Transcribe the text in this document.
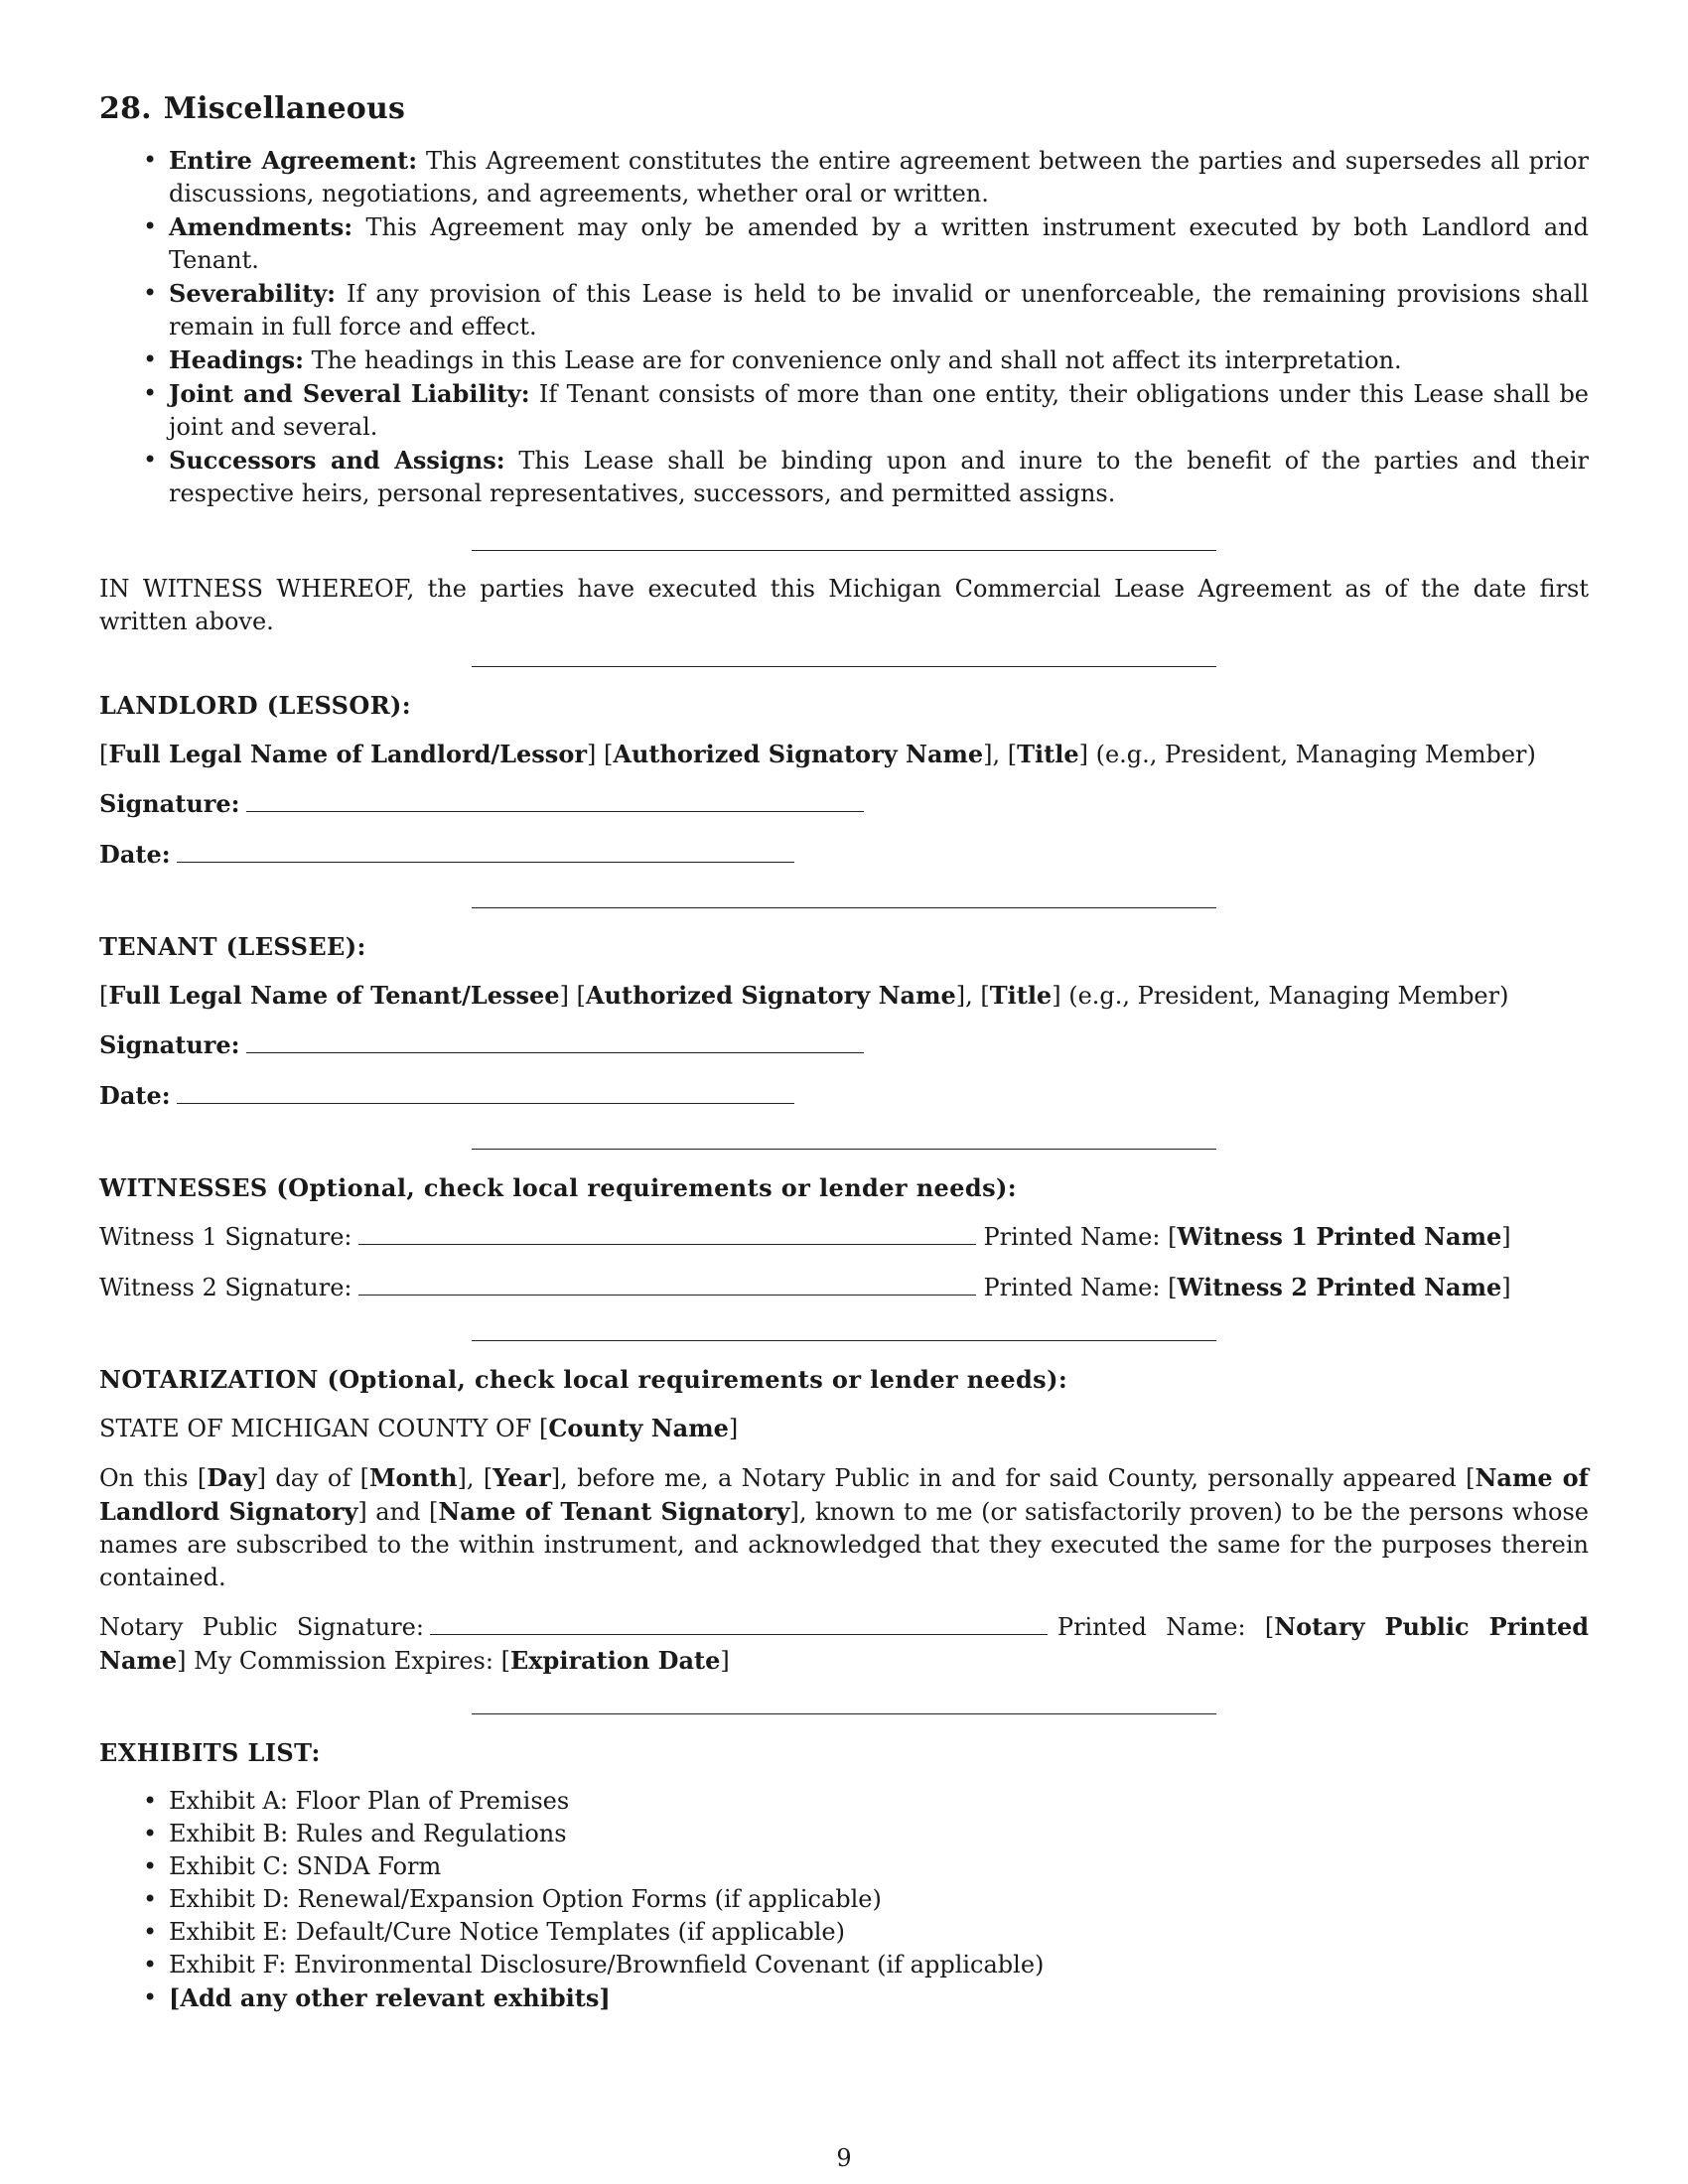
28. Miscellaneous
• Entire Agreement: This Agreement constitutes the entire agreement between the parties and supersedes all prior discussions, negotiations, and agreements, whether oral or written.
• Amendments: This Agreement may only be amended by a written instrument executed by both Landlord and Tenant.
• Severability: If any provision of this Lease is held to be invalid or unenforceable, the remaining provisions shall remain in full force and effect.
• Headings: The headings in this Lease are for convenience only and shall not affect its interpretation.
• Joint and Several Liability: If Tenant consists of more than one entity, their obligations under this Lease shall be joint and several.
• Successors and Assigns: This Lease shall be binding upon and inure to the benefit of the parties and their respective heirs, personal representatives, successors, and permitted assigns.

IN WITNESS WHEREOF, the parties have executed this Michigan Commercial Lease Agreement as of the date first written above.

LANDLORD (LESSOR):

[Full Legal Name of Landlord/Lessor] [Authorized Signatory Name], [Title] (e.g., President, Managing Member)

Signature:

Date:

TENANT (LESSEE):

[Full Legal Name of Tenant/Lessee] [Authorized Signatory Name], [Title] (e.g., President, Managing Member)

Signature:

Date:

WITNESSES (Optional, check local requirements or lender needs):

Witness 1 Signature:	Printed Name: [Witness 1 Printed Name]

Witness 2 Signature:	Printed Name: [Witness 2 Printed Name]

NOTARIZATION (Optional, check local requirements or lender needs):

STATE OF MICHIGAN COUNTY OF [County Name]

On this [Day] day of [Month], [Year], before me, a Notary Public in and for said County, personally appeared [Name of Landlord Signatory] and [Name of Tenant Signatory], known to me (or satisfactorily proven) to be the persons whose names are subscribed to the within instrument, and acknowledged that they executed the same for the purposes therein contained.

Notary Public Signature:	Printed Name: [Notary Public Printed Name] My Commission Expires: [Expiration Date]

EXHIBITS LIST:

• Exhibit A: Floor Plan of Premises
• Exhibit B: Rules and Regulations
• Exhibit C: SNDA Form
• Exhibit D: Renewal/Expansion Option Forms (if applicable)
• Exhibit E: Default/Cure Notice Templates (if applicable)
• Exhibit F: Environmental Disclosure/Brownfield Covenant (if applicable)
• [Add any other relevant exhibits]
9
